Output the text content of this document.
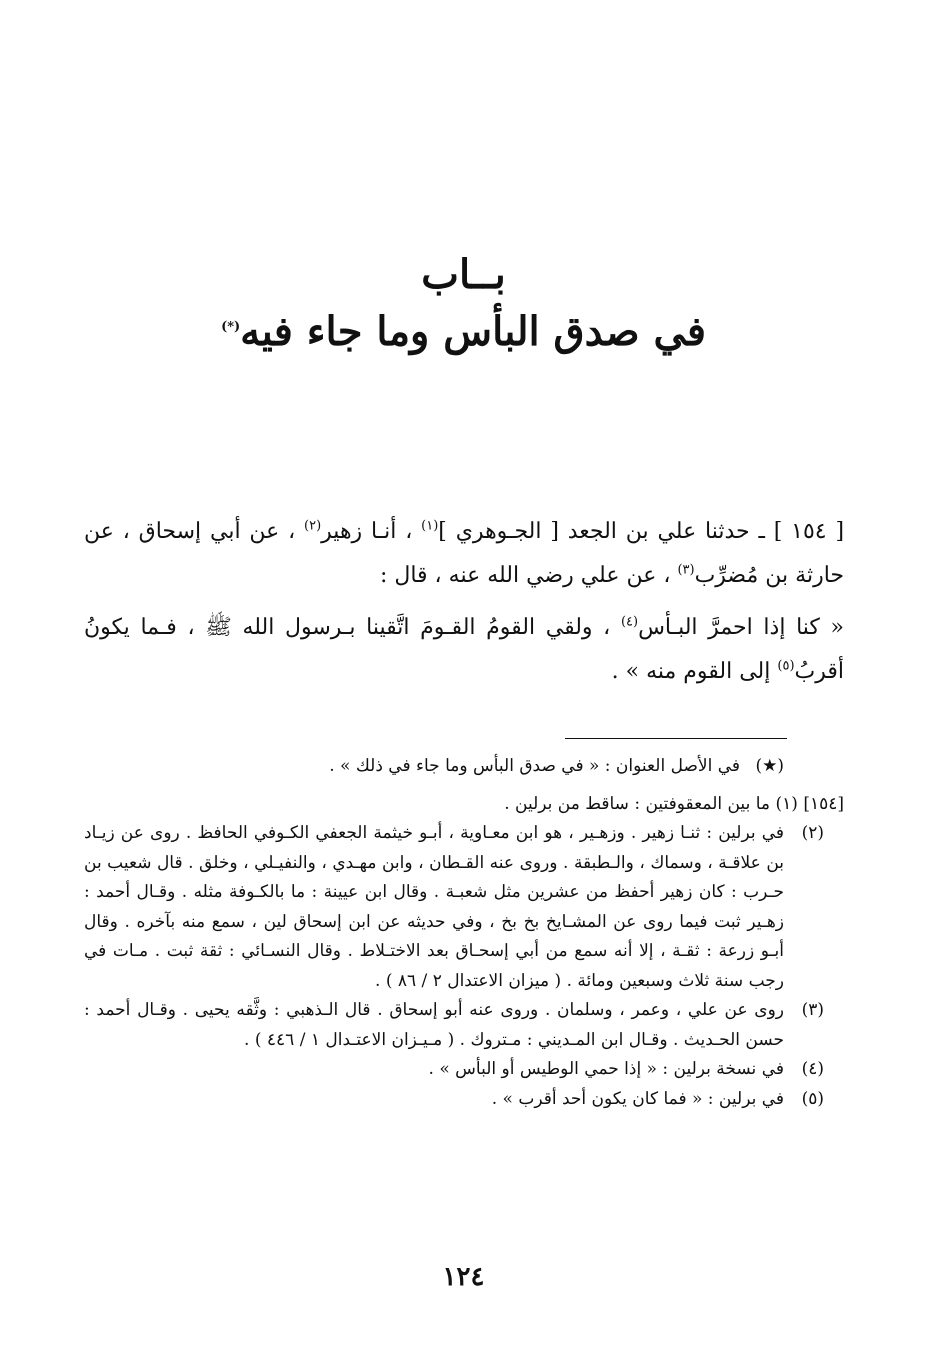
بــاب
في صدق البأس وما جاء فيه(*)

[ ١٥٤ ] ـ حدثنا علي بن الجعد [ الجـوهري ]$^{(١)}$ ، أنـا زهير$^{(٢)}$ ، عن أبي إسحاق ، عن حارثة بن مُضرِّب$^{(٣)}$ ، عن علي رضي الله عنه ، قال :

« كنا إذا احمرَّ البـأس$^{(٤)}$ ، ولقي القومُ القـومَ اتَّقينا بـرسول الله ﷺ ، فـما يكونُ أقربُ$^{(٥)}$ إلى القوم منه » .

(★)
في الأصل العنوان : « في صدق البأس وما جاء في ذلك » .
[١٥٤] (١)
ما بين المعقوفتين : ساقط من برلين .
(٢)
في برلين : ثنـا زهير . وزهـير ، هو ابن معـاوية ، أبـو خيثمة الجعفي الكـوفي الحافظ . روى عن زيـاد بن علاقـة ، وسماك ، والـطبقة . وروى عنه القـطان ، وابن مهـدي ، والنفيـلي ، وخلق . قال شعيب بن حـرب : كان زهير أحفظ من عشرين مثل شعبـة . وقال ابن عيينة : ما بالكـوفة مثله . وقـال أحمد : زهـير ثبت فيما روى عن المشـايخ بخ بخ ، وفي حديثه عن ابن إسحاق لين ، سمع منه بآخره . وقال أبـو زرعة : ثقـة ، إلا أنه سمع من أبي إسحـاق بعد الاختـلاط . وقال النسـائي : ثقة ثبت . مـات في رجب سنة ثلاث وسبعين ومائة . ( ميزان الاعتدال ٢ / ٨٦ ) .
(٣)
روى عن علي ، وعمر ، وسلمان . وروى عنه أبو إسحاق . قال الـذهبي : وثَّقه يحيى . وقـال أحمد : حسن الحـديث . وقـال ابن المـديني : مـتروك . ( مـيـزان الاعتـدال ١ / ٤٤٦ ) .
(٤)
في نسخة برلين : « إذا حمي الوطيس أو البأس » .
(٥)
في برلين : « فما كان يكون أحد أقرب » .
١٢٤
